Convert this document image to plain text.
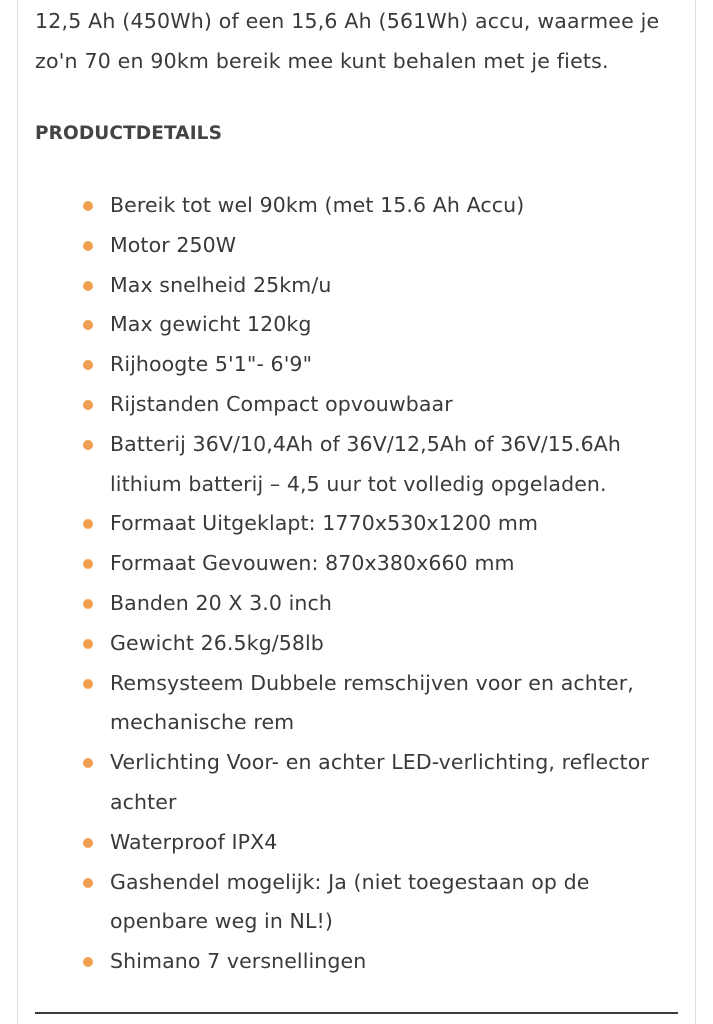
12,5 Ah (450Wh) of een 15,6 Ah (561Wh) accu, waarmee je zo'n 70 en 90km bereik mee kunt behalen met je fiets.

PRODUCTDETAILS
Bereik tot wel 90km (met 15.6 Ah Accu)
Motor 250W
Max snelheid 25km/u
Max gewicht 120kg
Rijhoogte 5'1"- 6'9"
Rijstanden Compact opvouwbaar
Batterij 36V/10,4Ah of 36V/12,5Ah of 36V/15.6Ah lithium batterij – 4,5 uur tot volledig opgeladen.
Formaat Uitgeklapt: 1770x530x1200 mm
Formaat Gevouwen: 870x380x660 mm
Banden 20 X 3.0 inch
Gewicht 26.5kg/58lb
Remsysteem Dubbele remschijven voor en achter, mechanische rem
Verlichting Voor- en achter LED-verlichting, reflector achter
Waterproof IPX4
Gashendel mogelijk: Ja (niet toegestaan op de openbare weg in NL!)
Shimano 7 versnellingen
